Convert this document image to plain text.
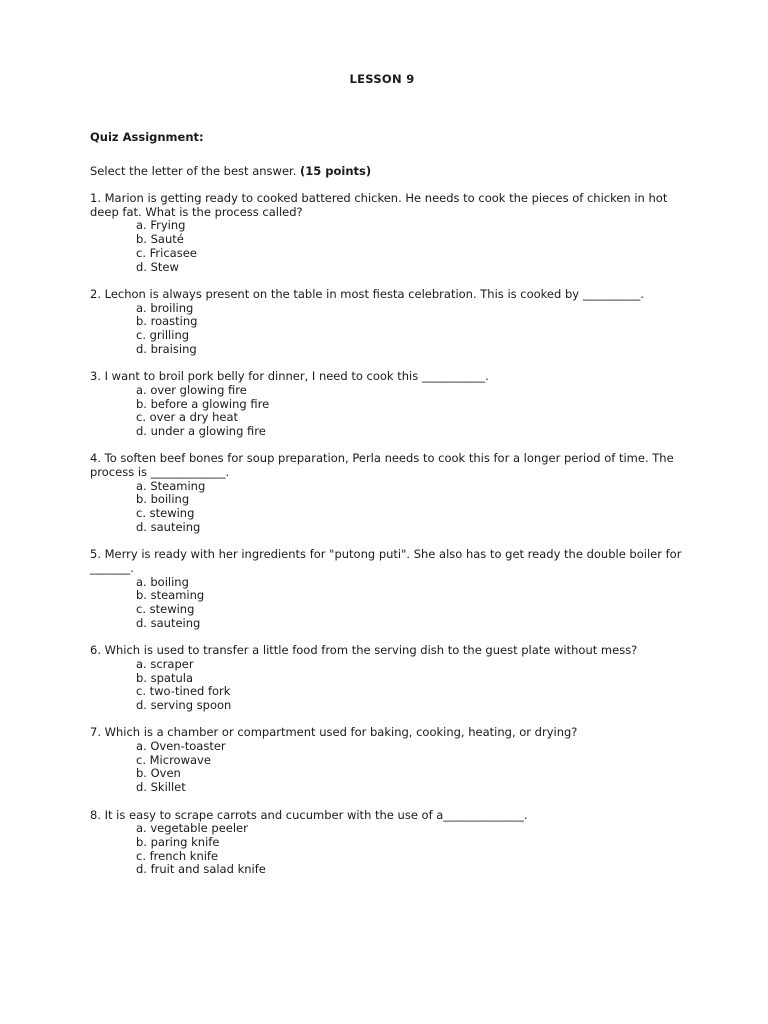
LESSON 9
Quiz Assignment:
Select the letter of the best answer. (15 points)

1. Marion is getting ready to cooked battered chicken. He needs to cook the pieces of chicken in hot deep fat. What is the process called?

a. Frying
b. Sauté
c. Fricasee
d. Stew

2. Lechon is always present on the table in most fiesta celebration. This is cooked by __________.

a. broiling
b. roasting
c. grilling
d. braising

3. I want to broil pork belly for dinner, I need to cook this ___________.

a. over glowing fire
b. before a glowing fire
c. over a dry heat
d. under a glowing fire

4. To soften beef bones for soup preparation, Perla needs to cook this for a longer period of time. The process is _____________.

a. Steaming
b. boiling
c. stewing
d. sauteing

5. Merry is ready with her ingredients for "putong puti". She also has to get ready the double boiler for _______.

a. boiling
b. steaming
c. stewing
d. sauteing

6. Which is used to transfer a little food from the serving dish to the guest plate without mess?

a. scraper
b. spatula
c. two-tined fork
d. serving spoon

7. Which is a chamber or compartment used for baking, cooking, heating, or drying?

a. Oven-toaster
c. Microwave
b. Oven
d. Skillet

8. It is easy to scrape carrots and cucumber with the use of a______________.

a. vegetable peeler
b. paring knife
c. french knife
d. fruit and salad knife
